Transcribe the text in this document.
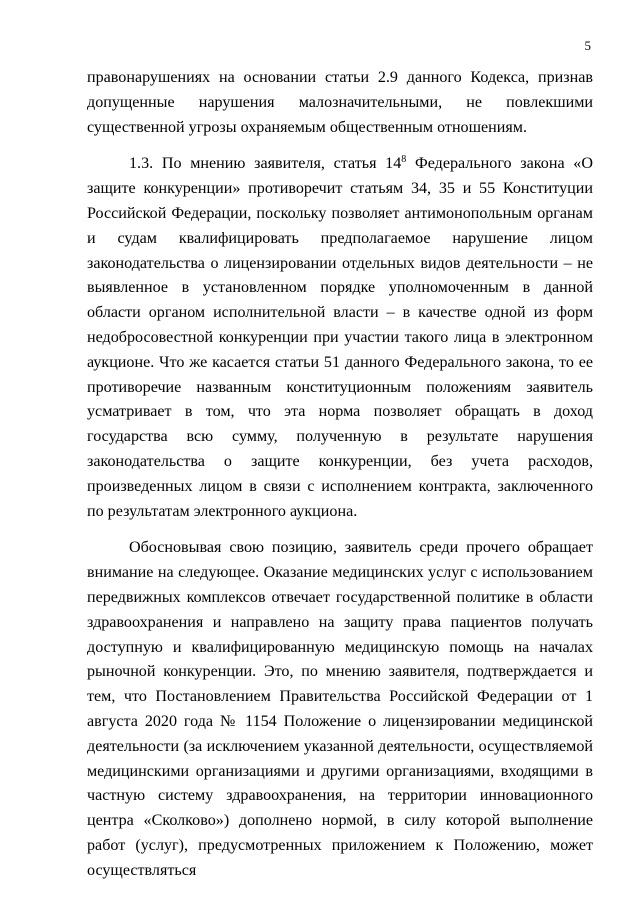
5

правонарушениях на основании статьи 2.9 данного Кодекса, признав допущенные нарушения малозначительными, не повлекшими существенной угрозы охраняемым общественным отношениям.

1.3. По мнению заявителя, статья $14^8$ Федерального закона «О защите конкуренции» противоречит статьям 34, 35 и 55 Конституции Российской Федерации, поскольку позволяет антимонопольным органам и судам квалифицировать предполагаемое нарушение лицом законодательства о лицензировании отдельных видов деятельности – не выявленное в установленном порядке уполномоченным в данной области органом исполнительной власти – в качестве одной из форм недобросовестной конкуренции при участии такого лица в электронном аукционе. Что же касается статьи 51 данного Федерального закона, то ее противоречие названным конституционным положениям заявитель усматривает в том, что эта норма позволяет обращать в доход государства всю сумму, полученную в результате нарушения законодательства о защите конкуренции, без учета расходов, произведенных лицом в связи с исполнением контракта, заключенного по результатам электронного аукциона.

Обосновывая свою позицию, заявитель среди прочего обращает внимание на следующее. Оказание медицинских услуг с использованием передвижных комплексов отвечает государственной политике в области здравоохранения и направлено на защиту права пациентов получать доступную и квалифицированную медицинскую помощь на началах рыночной конкуренции. Это, по мнению заявителя, подтверждается и тем, что Постановлением Правительства Российской Федерации от 1 августа 2020 года № 1154 Положение о лицензировании медицинской деятельности (за исключением указанной деятельности, осуществляемой медицинскими организациями и другими организациями, входящими в частную систему здравоохранения, на территории инновационного центра «Сколково») дополнено нормой, в силу которой выполнение работ (услуг), предусмотренных приложением к Положению, может осуществляться
